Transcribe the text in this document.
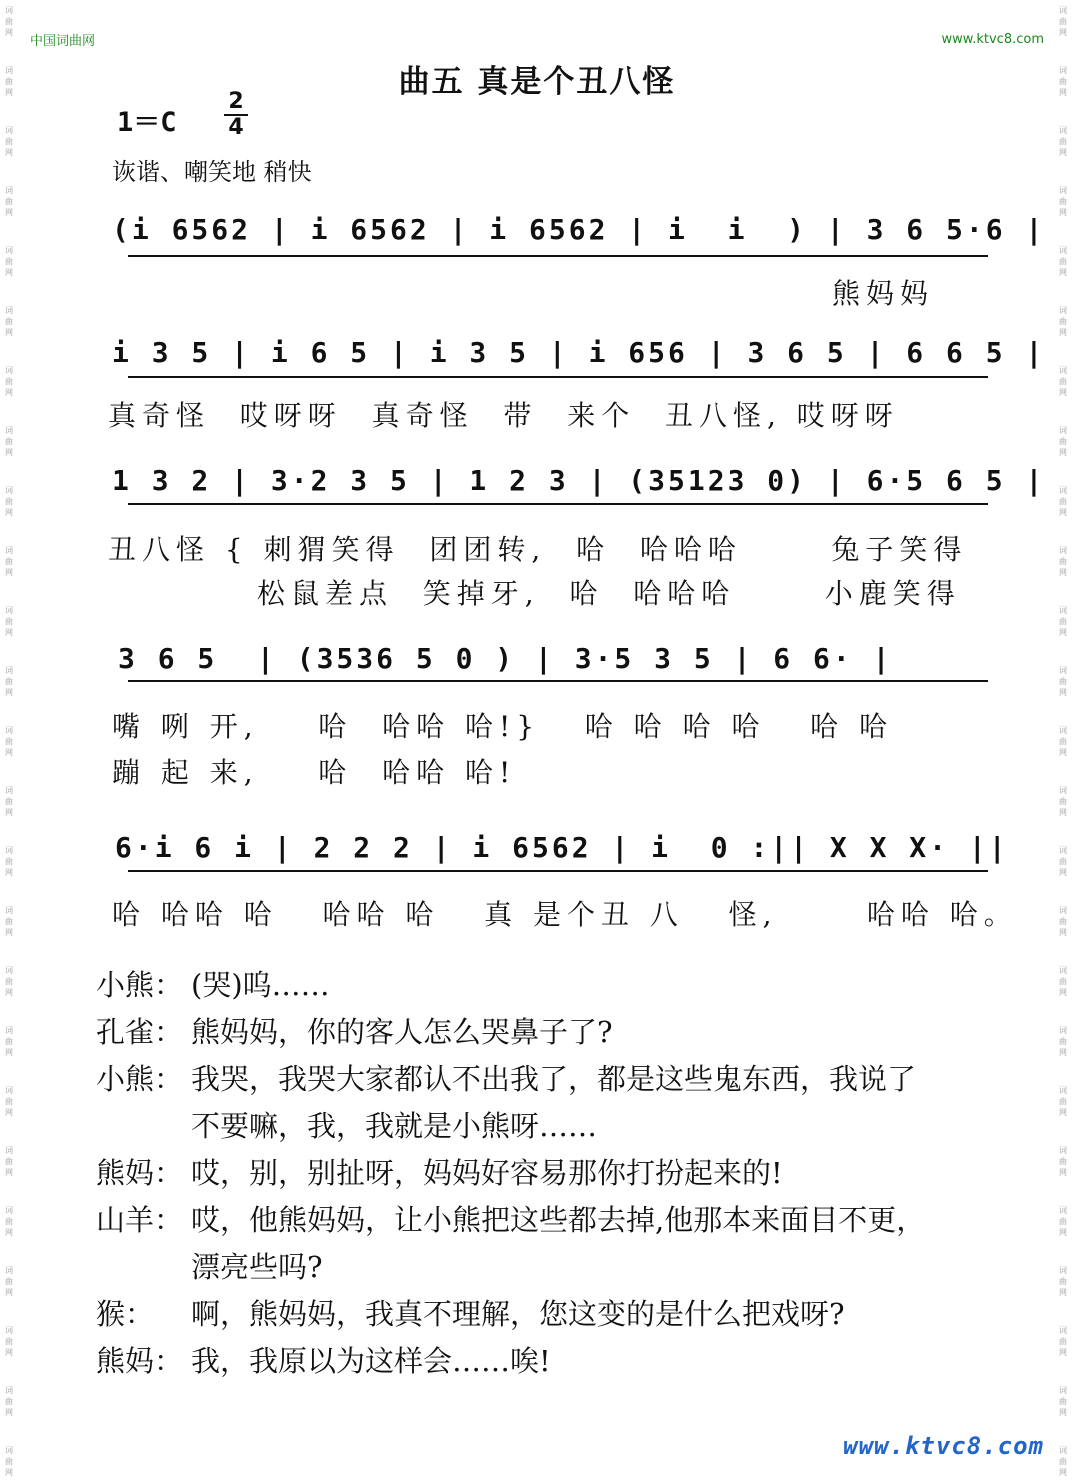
词
曲
网
词
曲
网
词
曲
网
词
曲
网
词
曲
网
词
曲
网
词
曲
网
词
曲
网
词
曲
网
词
曲
网
词
曲
网
词
曲
网
词
曲
网
词
曲
网
词
曲
网
词
曲
网
词
曲
网
词
曲
网
词
曲
网
词
曲
网
词
曲
网
词
曲
网
词
曲
网
词
曲
网
词
曲
网
词
曲
网
词
曲
网
词
曲
网
词
曲
网
词
曲
网
词
曲
网
词
曲
网
词
曲
网
词
曲
网
词
曲
网
词
曲
网
词
曲
网
词
曲
网
词
曲
网
词
曲
网
词
曲
网
词
曲
网
词
曲
网
词
曲
网
词
曲
网
词
曲
网
词
曲
网
词
曲
网
词
曲
网
词
曲
网
中国词曲网	www.ktvc8.com
曲五 真是个丑八怪
1＝C
2
4
诙谐、嘲笑地 稍快
(i 6562 | i 6562 | i 6562 | i  i  ) | 3 6 5·6 |
熊妈妈
i 3 5 | i 6 5 | i 3 5 | i 656 | 3 6 5 | 6 6 5 |
真奇怪  哎呀呀  真奇怪  带  来个  丑八怪, 哎呀呀
1 3 2 | 3·2 3 5 | 1 2 3 | (35123 0) | 6·5 6 5 |
丑八怪 { 刺猬笑得  团团转,  哈  哈哈哈      兔子笑得
松鼠差点  笑掉牙,  哈  哈哈哈      小鹿笑得
3 6 5  | (3536 5 0 ) | 3·5 3 5 | 6 6· |
嘴 咧 开,    哈  哈哈 哈!}   哈 哈 哈 哈   哈 哈
蹦 起 来,    哈  哈哈 哈!
6·i 6 i | 2 2 2 | i 6562 | i  0 :|| X X X· ||
哈 哈哈 哈   哈哈 哈   真 是个丑 八   怪,      哈哈 哈。
小熊： (哭)呜……
孔雀： 熊妈妈，你的客人怎么哭鼻子了?
小熊： 我哭，我哭大家都认不出我了，都是这些鬼东西，我说了
不要嘛，我，我就是小熊呀……
熊妈： 哎，别，别扯呀，妈妈好容易那你打扮起来的!
山羊： 哎，他熊妈妈，让小熊把这些都去掉,他那本来面目不更，
漂亮些吗?
猴：	啊，熊妈妈，我真不理解，您这变的是什么把戏呀?
熊妈： 我，我原以为这样会……唉!
www.ktvc8.com
